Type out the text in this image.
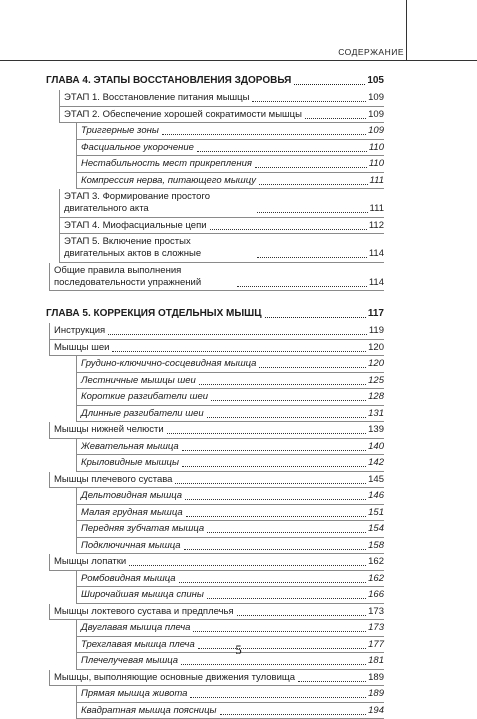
СОДЕРЖАНИЕ
ГЛАВА 4. ЭТАПЫ ВОССТАНОВЛЕНИЯ ЗДОРОВЬЯ	105
ЭТАП 1. Восстановление питания мышцы	109
ЭТАП 2. Обеспечение хорошей сократимости мышцы	109
Триггерные зоны	109
Фасциальное укорочение	110
Нестабильность мест прикрепления	110
Компрессия нерва, питающего мышцу	111
ЭТАП 3. Формирование простого двигательного акта	111
ЭТАП 4. Миофасциальные цепи	112
ЭТАП 5. Включение простых двигательных актов в сложные	114
Общие правила выполнения последовательности упражнений	114
ГЛАВА 5. КОРРЕКЦИЯ ОТДЕЛЬНЫХ МЫШЦ	117
Инструкция	119
Мышцы шеи	120
Грудино-ключично-сосцевидная мышца	120
Лестничные мышцы шеи	125
Короткие разгибатели шеи	128
Длинные разгибатели шеи	131
Мышцы нижней челюсти	139
Жевательная мышца	140
Крыловидные мышцы	142
Мышцы плечевого сустава	145
Дельтовидная мышца	146
Малая грудная мышца	151
Передняя зубчатая мышца	154
Подключичная мышца	158
Мышцы лопатки	162
Ромбовидная мышца	162
Широчайшая мышца спины	166
Мышцы локтевого сустава и предплечья	173
Двуглавая мышца плеча	173
Трехглавая мышца плеча	177
Плечелучевая мышца	181
Мышцы, выполняющие основные движения туловища	189
Прямая мышца живота	189
Квадратная мышца поясницы	194
5
